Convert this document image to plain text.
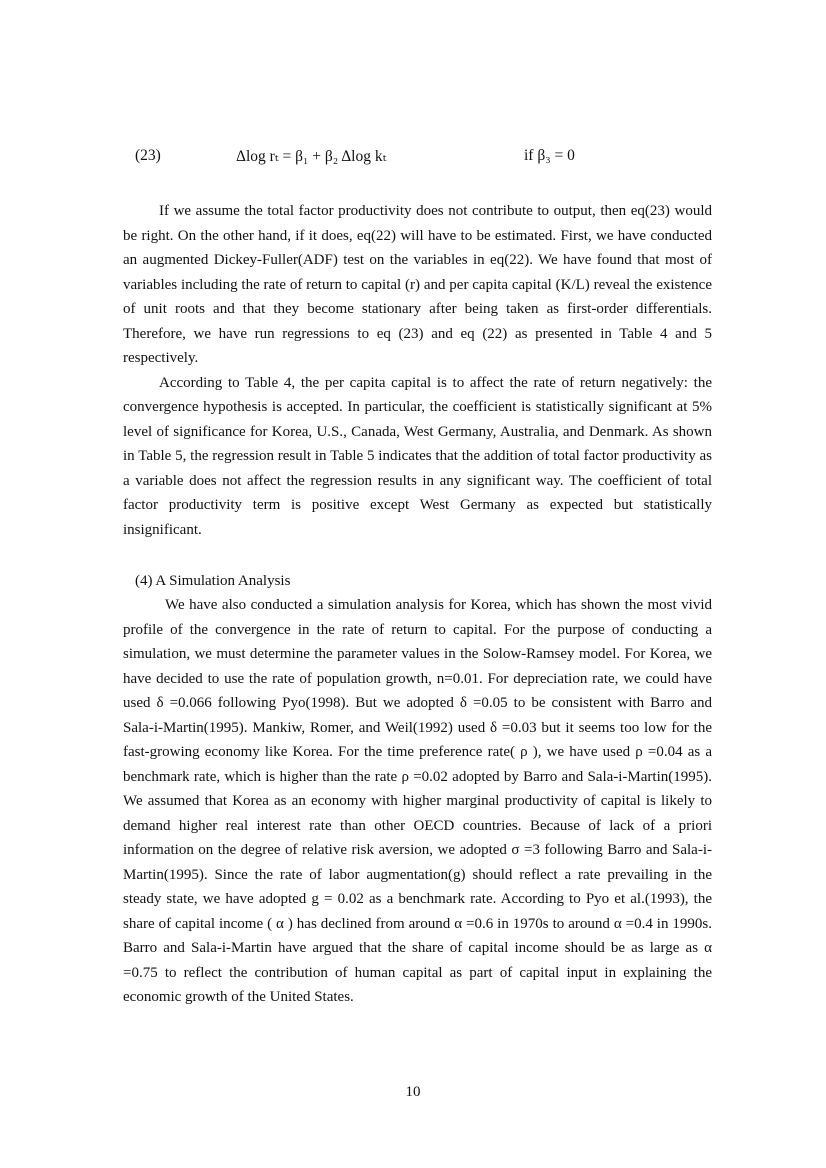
(23)	Δlog rₜ = β₁ + β₂ Δlog kₜ	if β₃ = 0

If we assume the total factor productivity does not contribute to output, then eq(23) would be right. On the other hand, if it does, eq(22) will have to be estimated. First, we have conducted an augmented Dickey-Fuller(ADF) test on the variables in eq(22). We have found that most of variables including the rate of return to capital (r) and per capita capital (K/L) reveal the existence of unit roots and that they become stationary after being taken as first-order differentials. Therefore, we have run regressions to eq (23) and eq (22) as presented in Table 4 and 5 respectively.

According to Table 4, the per capita capital is to affect the rate of return negatively: the convergence hypothesis is accepted. In particular, the coefficient is statistically significant at 5% level of significance for Korea, U.S., Canada, West Germany, Australia, and Denmark. As shown in Table 5, the regression result in Table 5 indicates that the addition of total factor productivity as a variable does not affect the regression results in any significant way. The coefficient of total factor productivity term is positive except West Germany as expected but statistically insignificant.

(4) A Simulation Analysis

We have also conducted a simulation analysis for Korea, which has shown the most vivid profile of the convergence in the rate of return to capital. For the purpose of conducting a simulation, we must determine the parameter values in the Solow-Ramsey model. For Korea, we have decided to use the rate of population growth, n=0.01. For depreciation rate, we could have used δ =0.066 following Pyo(1998). But we adopted δ =0.05 to be consistent with Barro and Sala-i-Martin(1995). Mankiw, Romer, and Weil(1992) used δ =0.03 but it seems too low for the fast-growing economy like Korea. For the time preference rate( ρ ), we have used ρ =0.04 as a benchmark rate, which is higher than the rate ρ =0.02 adopted by Barro and Sala-i-Martin(1995). We assumed that Korea as an economy with higher marginal productivity of capital is likely to demand higher real interest rate than other OECD countries. Because of lack of a priori information on the degree of relative risk aversion, we adopted σ =3 following Barro and Sala-i-Martin(1995). Since the rate of labor augmentation(g) should reflect a rate prevailing in the steady state, we have adopted g = 0.02 as a benchmark rate. According to Pyo et al.(1993), the share of capital income ( α ) has declined from around α =0.6 in 1970s to around α =0.4 in 1990s. Barro and Sala-i-Martin have argued that the share of capital income should be as large as α =0.75 to reflect the contribution of human capital as part of capital input in explaining the economic growth of the United States.

10
